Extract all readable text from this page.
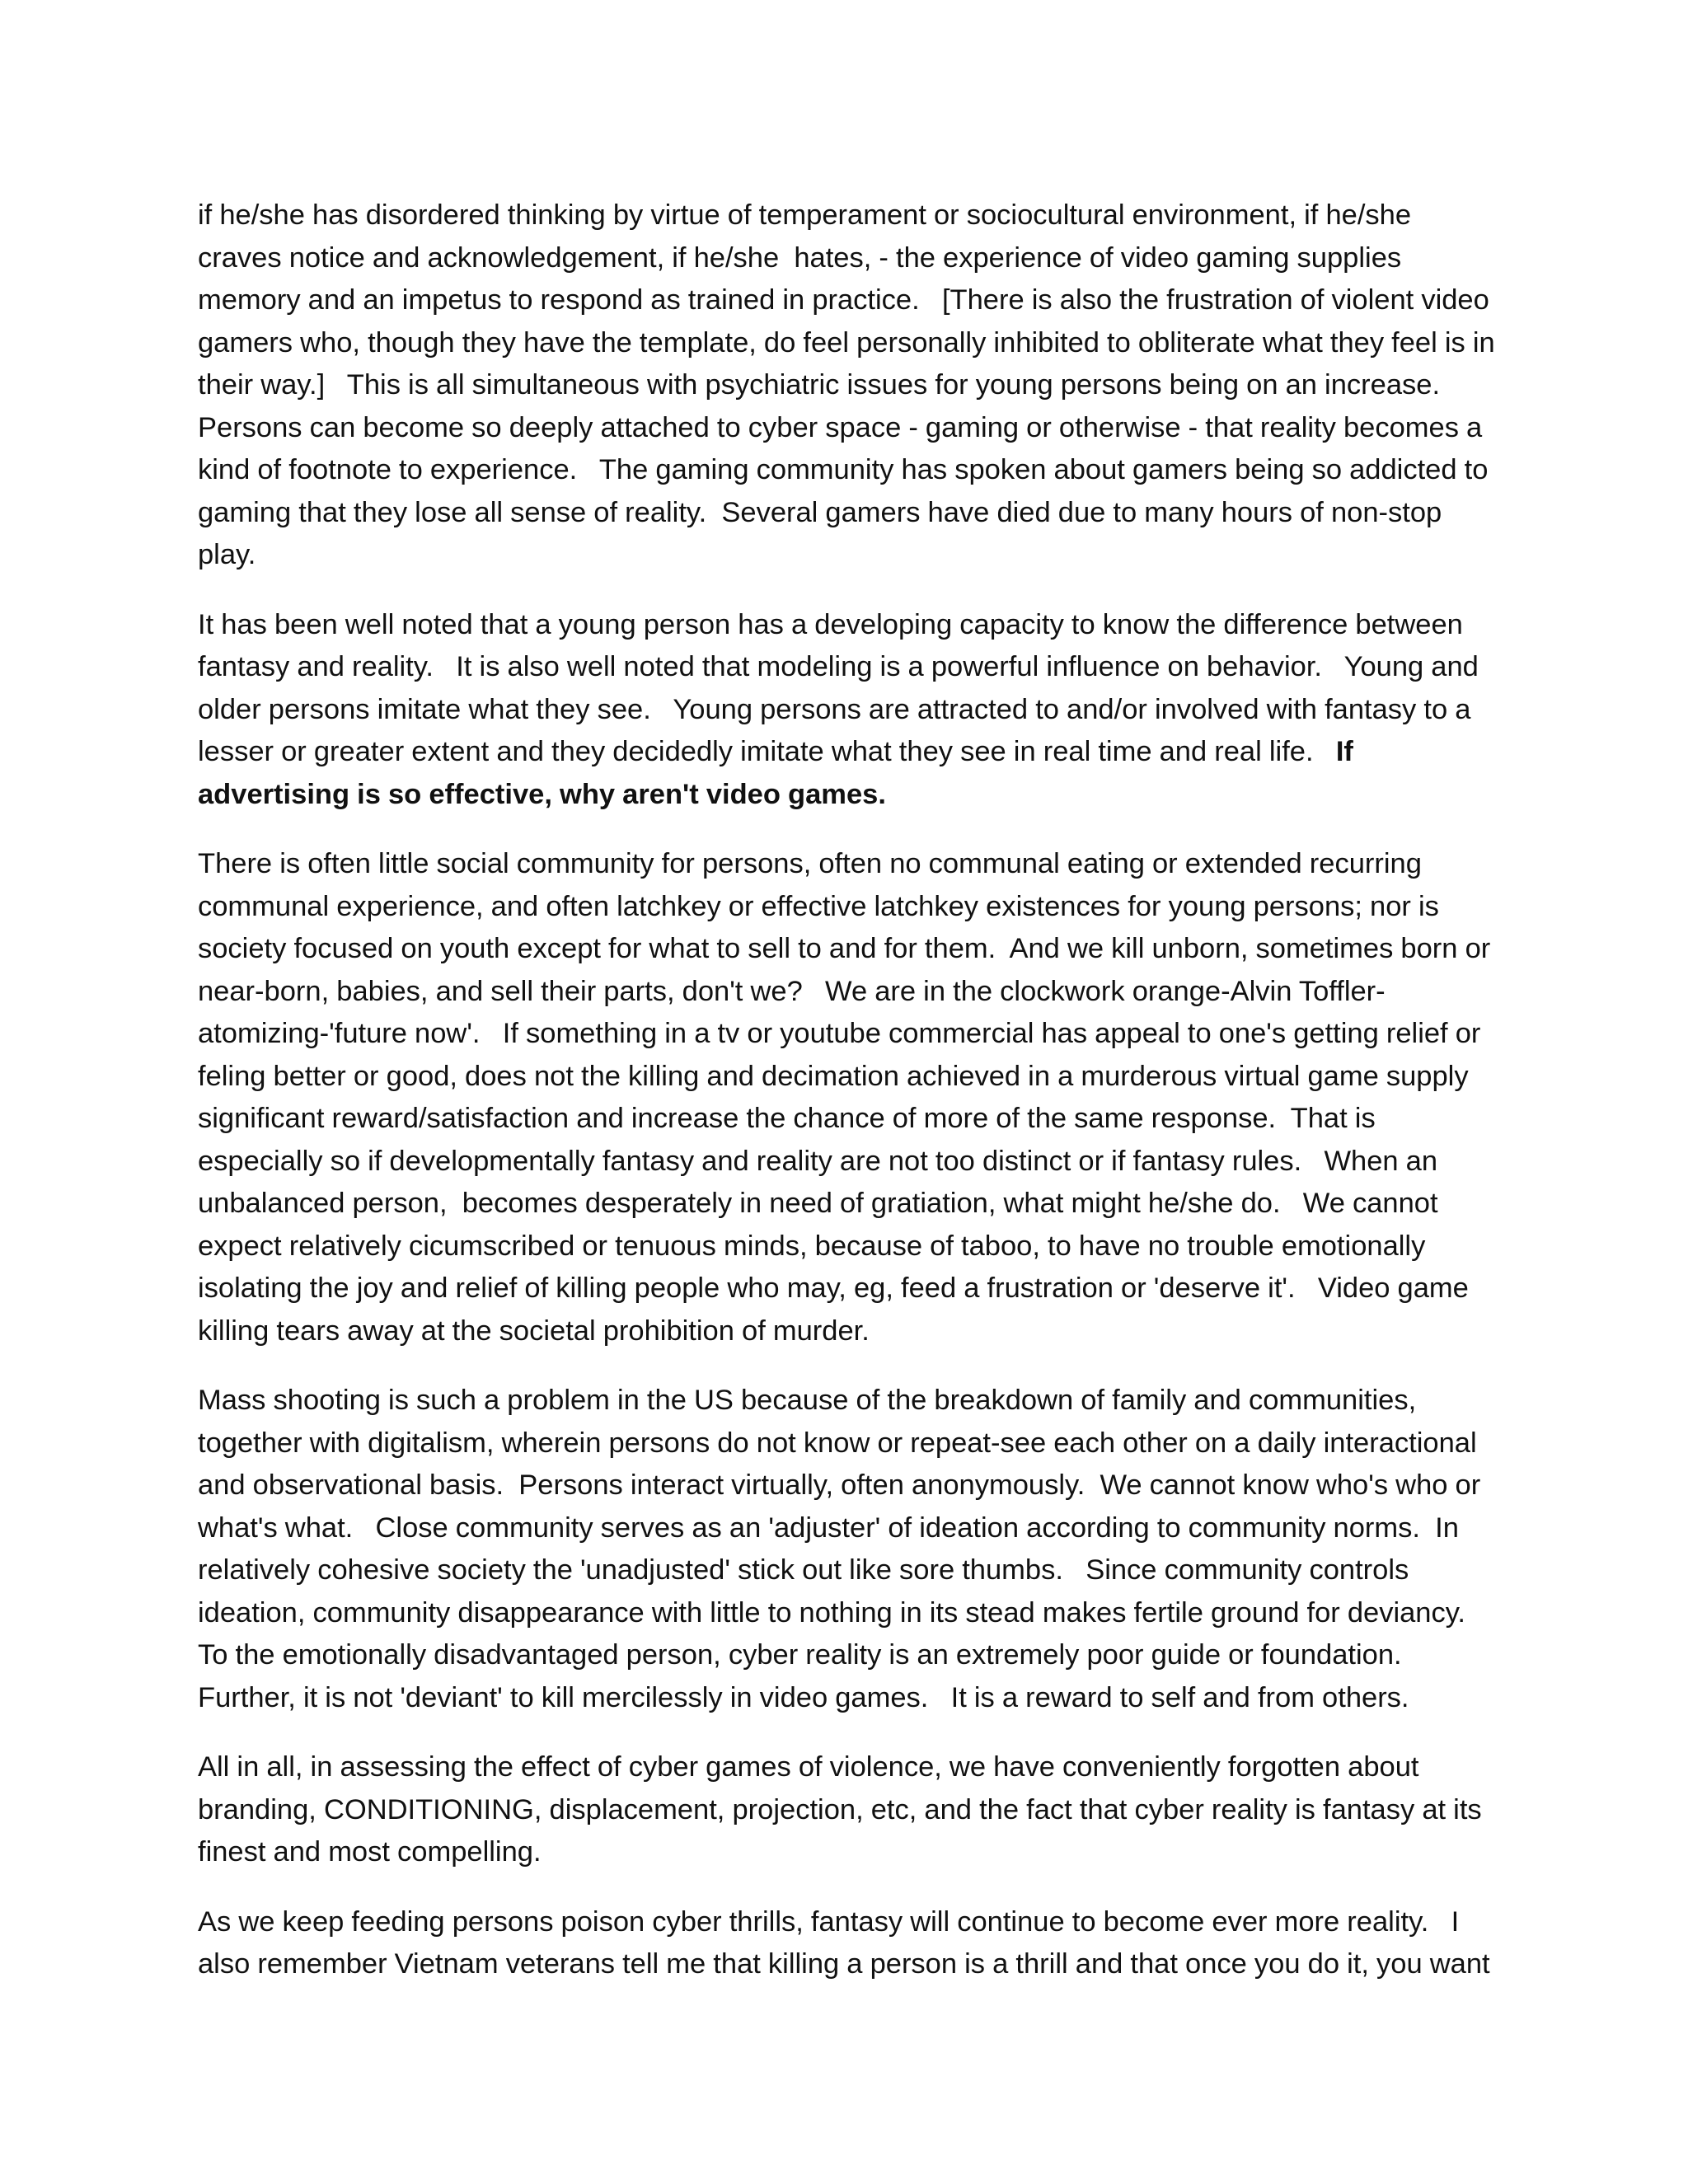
if he/she has disordered thinking by virtue of temperament or sociocultural environment, if he/she craves notice and acknowledgement, if he/she  hates, - the experience of video gaming supplies memory and an impetus to respond as trained in practice.   [There is also the frustration of violent video gamers who, though they have the template, do feel personally inhibited to obliterate what they feel is in their way.]   This is all simultaneous with psychiatric issues for young persons being on an increase.   Persons can become so deeply attached to cyber space - gaming or otherwise - that reality becomes a kind of footnote to experience.   The gaming community has spoken about gamers being so addicted to gaming that they lose all sense of reality.  Several gamers have died due to many hours of non-stop play.

It has been well noted that a young person has a developing capacity to know the difference between fantasy and reality.   It is also well noted that modeling is a powerful influence on behavior.   Young and older persons imitate what they see.   Young persons are attracted to and/or involved with fantasy to a lesser or greater extent and they decidedly imitate what they see in real time and real life.   If advertising is so effective, why aren't video games.

There is often little social community for persons, often no communal eating or extended recurring communal experience, and often latchkey or effective latchkey existences for young persons; nor is society focused on youth except for what to sell to and for them.  And we kill unborn, sometimes born or near-born, babies, and sell their parts, don't we?   We are in the clockwork orange-Alvin Toffler-atomizing-'future now'.   If something in a tv or youtube commercial has appeal to one's getting relief or feling better or good, does not the killing and decimation achieved in a murderous virtual game supply significant reward/satisfaction and increase the chance of more of the same response.  That is especially so if developmentally fantasy and reality are not too distinct or if fantasy rules.   When an unbalanced person,  becomes desperately in need of gratiation, what might he/she do.   We cannot expect relatively cicumscribed or tenuous minds, because of taboo, to have no trouble emotionally isolating the joy and relief of killing people who may, eg, feed a frustration or 'deserve it'.   Video game killing tears away at the societal prohibition of murder.

Mass shooting is such a problem in the US because of the breakdown of family and communities, together with digitalism, wherein persons do not know or repeat-see each other on a daily interactional and observational basis.  Persons interact virtually, often anonymously.  We cannot know who's who or what's what.   Close community serves as an 'adjuster' of ideation according to community norms.  In relatively cohesive society the 'unadjusted' stick out like sore thumbs.   Since community controls ideation, community disappearance with little to nothing in its stead makes fertile ground for deviancy.  To the emotionally disadvantaged person, cyber reality is an extremely poor guide or foundation.  Further, it is not 'deviant' to kill mercilessly in video games.   It is a reward to self and from others.

All in all, in assessing the effect of cyber games of violence, we have conveniently forgotten about branding, CONDITIONING, displacement, projection, etc, and the fact that cyber reality is fantasy at its finest and most compelling.

As we keep feeding persons poison cyber thrills, fantasy will continue to become ever more reality.   I also remember Vietnam veterans tell me that killing a person is a thrill and that once you do it, you want
